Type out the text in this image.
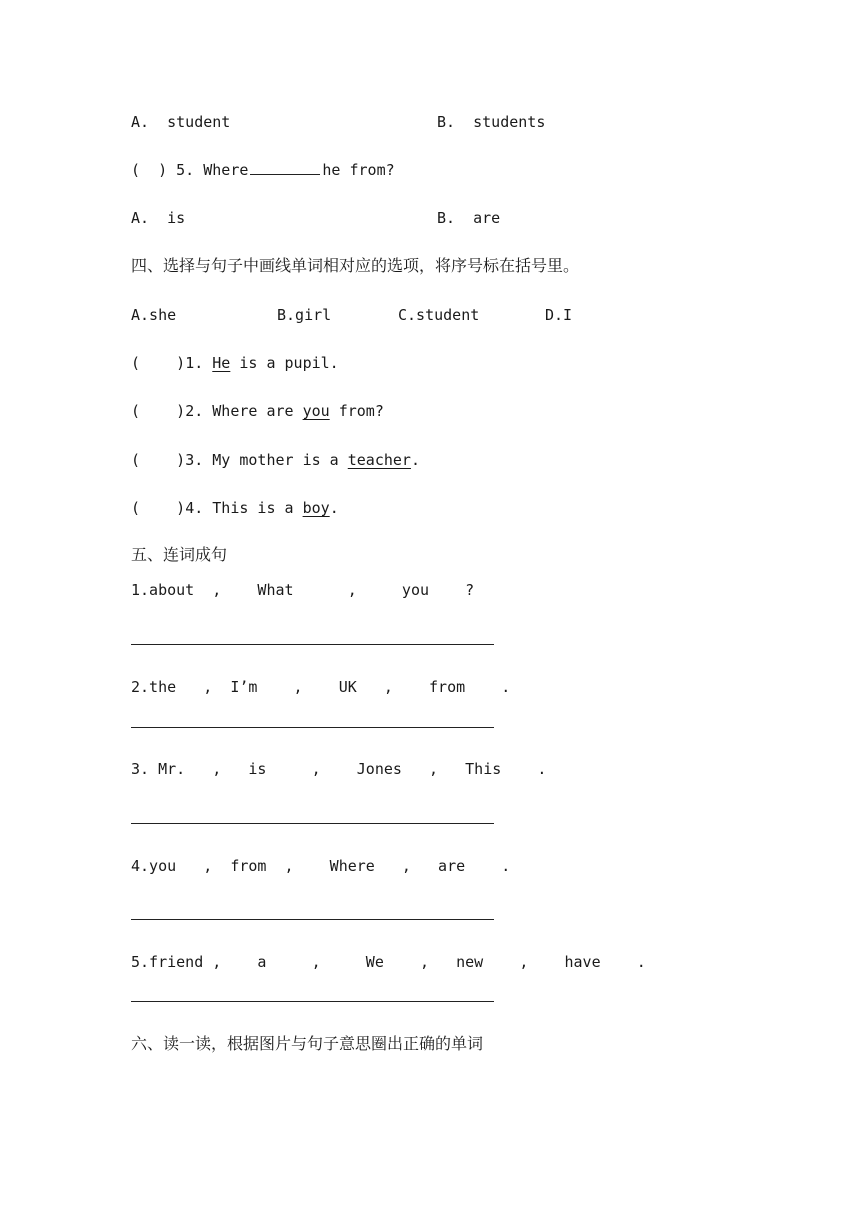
A.  student	B.  students
(  ) 5. Where	he from?
A.  is	B.  are
四、选择与句子中画线单词相对应的选项，将序号标在括号里。
A.she	B.girl	C.student	D.I
(    )1. He is a pupil.
(    )2. Where are you from?
(    )3. My mother is a teacher.
(    )4. This is a boy.
五、连词成句
1.about  ,    What      ,     you    ?
2.the   ,  I’m    ,    UK   ,    from    .
3. Mr.   ,   is     ,    Jones   ,   This    .
4.you   ,  from  ,    Where   ,   are    .
5.friend ,    a     ,     We    ,   new    ,    have    .
六、读一读，根据图片与句子意思圈出正确的单词
